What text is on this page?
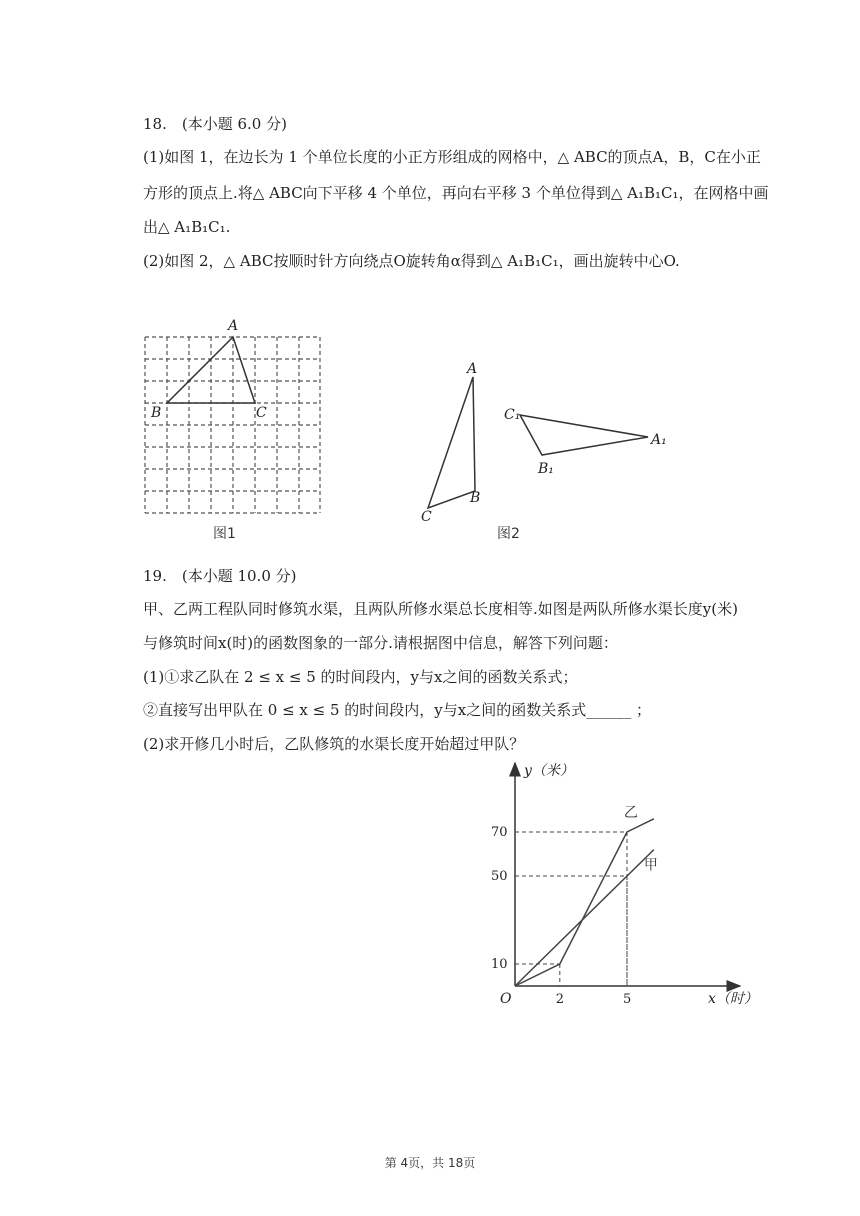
18.　(本小题 6.0 分)
(1)如图 1，在边长为 1 个单位长度的小正方形组成的网格中，△ ABC的顶点A，B，C在小正
方形的顶点上.将△ ABC向下平移 4 个单位，再向右平移 3 个单位得到△ A₁B₁C₁，在网格中画
出△ A₁B₁C₁.
(2)如图 2，△ ABC按顺时针方向绕点O旋转角α得到△ A₁B₁C₁，画出旋转中心O.
A
B	C
图1
A
B
C
C₁
A₁
B₁
图2
19.　(本小题 10.0 分)
甲、乙两工程队同时修筑水渠，且两队所修水渠总长度相等.如图是两队所修水渠长度y(米)
与修筑时间x(时)的函数图象的一部分.请根据图中信息，解答下列问题：
(1)①求乙队在 2 ≤ x ≤ 5 的时间段内，y与x之间的函数关系式；
②直接写出甲队在 0 ≤ x ≤ 5 的时间段内，y与x之间的函数关系式______ ；
(2)求开修几小时后，乙队修筑的水渠长度开始超过甲队？
y（米）
x（时）
O
乙
甲
2	5
10
50
70
第 4页，共 18页
